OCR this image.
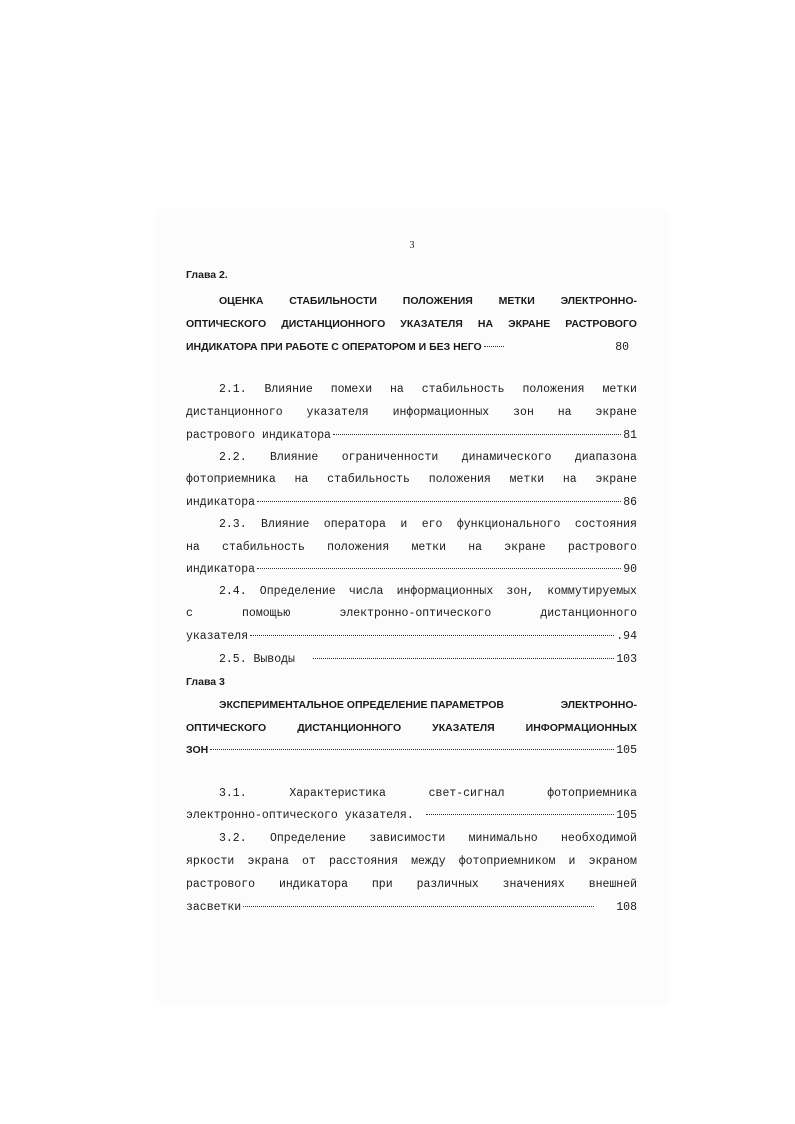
3
Глава 2.
ОЦЕНКА СТАБИЛЬНОСТИ ПОЛОЖЕНИЯ МЕТКИ ЭЛЕКТРОННО-
ОПТИЧЕСКОГО ДИСТАНЦИОННОГО УКАЗАТЕЛЯ НА ЭКРАНЕ РАСТРОВОГО
ИНДИКАТОРА ПРИ РАБОТЕ С ОПЕРАТОРОМ И БЕЗ НЕГО	80
2.1. Влияние помехи на стабильность положения метки
дистанционного указателя информационных зон на экране
растрового индикатора	81
2.2. Влияние ограниченности динамического диапазона
фотоприемника на стабильность положения метки на экране
индикатора	86
2.3. Влияние оператора и его функционального состояния
на стабильность положения метки на экране растрового
индикатора	90
2.4. Определение числа информационных зон, коммутируемых
с	помощью	электронно-оптического	дистанционного
указателя	.94
2.5. Выводы	103
Глава 3
ЭКСПЕРИМЕНТАЛЬНОЕ ОПРЕДЕЛЕНИЕ ПАРАМЕТРОВ	ЭЛЕКТРОННО-
ОПТИЧЕСКОГО	ДИСТАНЦИОННОГО	УКАЗАТЕЛЯ	ИНФОРМАЦИОННЫХ
ЗОН	105
3.1.	Характеристика	свет-сигнал	фотоприемника
электронно-оптического указателя.	105
3.2. Определение зависимости минимально необходимой
яркости экрана от расстояния между фотоприемником и экраном
растрового индикатора при различных значениях внешней
засветки	108
